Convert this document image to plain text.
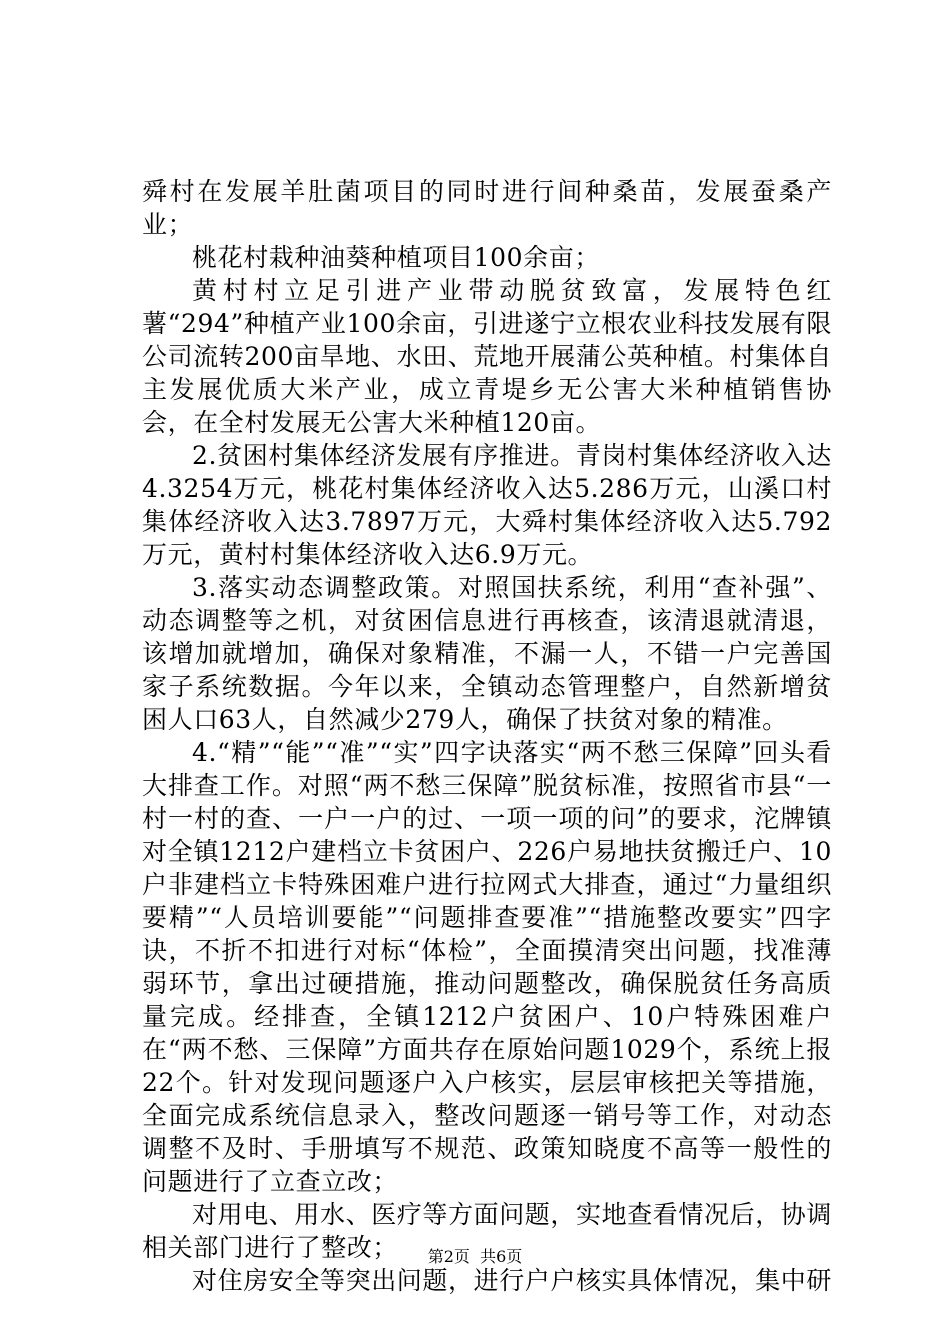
舜村在发展羊肚菌项目的同时进行间种桑苗，发展蚕桑产业；

桃花村栽种油葵种植项目100余亩；

黄村村立足引进产业带动脱贫致富，发展特色红薯“294”种植产业100余亩，引进遂宁立根农业科技发展有限公司流转200亩旱地、水田、荒地开展蒲公英种植。村集体自主发展优质大米产业，成立青堤乡无公害大米种植销售协会，在全村发展无公害大米种植120亩。

2.贫困村集体经济发展有序推进。青岗村集体经济收入达4.3254万元，桃花村集体经济收入达5.286万元，山溪口村集体经济收入达3.7897万元，大舜村集体经济收入达5.792万元，黄村村集体经济收入达6.9万元。

3.落实动态调整政策。对照国扶系统，利用“查补强”、动态调整等之机，对贫困信息进行再核查，该清退就清退，该增加就增加，确保对象精准，不漏一人，不错一户完善国家子系统数据。今年以来，全镇动态管理整户，自然新增贫困人口63人，自然减少279人，确保了扶贫对象的精准。

4.“精”“能”“准”“实”四字诀落实“两不愁三保障”回头看大排查工作。对照“两不愁三保障”脱贫标准，按照省市县“一村一村的查、一户一户的过、一项一项的问”的要求，沱牌镇对全镇1212户建档立卡贫困户、226户易地扶贫搬迁户、10户非建档立卡特殊困难户进行拉网式大排查，通过“力量组织要精”“人员培训要能”“问题排查要准”“措施整改要实”四字诀，不折不扣进行对标“体检”，全面摸清突出问题，找准薄弱环节，拿出过硬措施，推动问题整改，确保脱贫任务高质量完成。经排查，全镇1212户贫困户、10户特殊困难户在“两不愁、三保障”方面共存在原始问题1029个，系统上报22个。针对发现问题逐户入户核实，层层审核把关等措施，全面完成系统信息录入，整改问题逐一销号等工作，对动态调整不及时、手册填写不规范、政策知晓度不高等一般性的问题进行了立查立改；

对用电、用水、医疗等方面问题，实地查看情况后，协调相关部门进行了整改；

对住房安全等突出问题，进行户户核实具体情况，集中研

第2页  共6页
